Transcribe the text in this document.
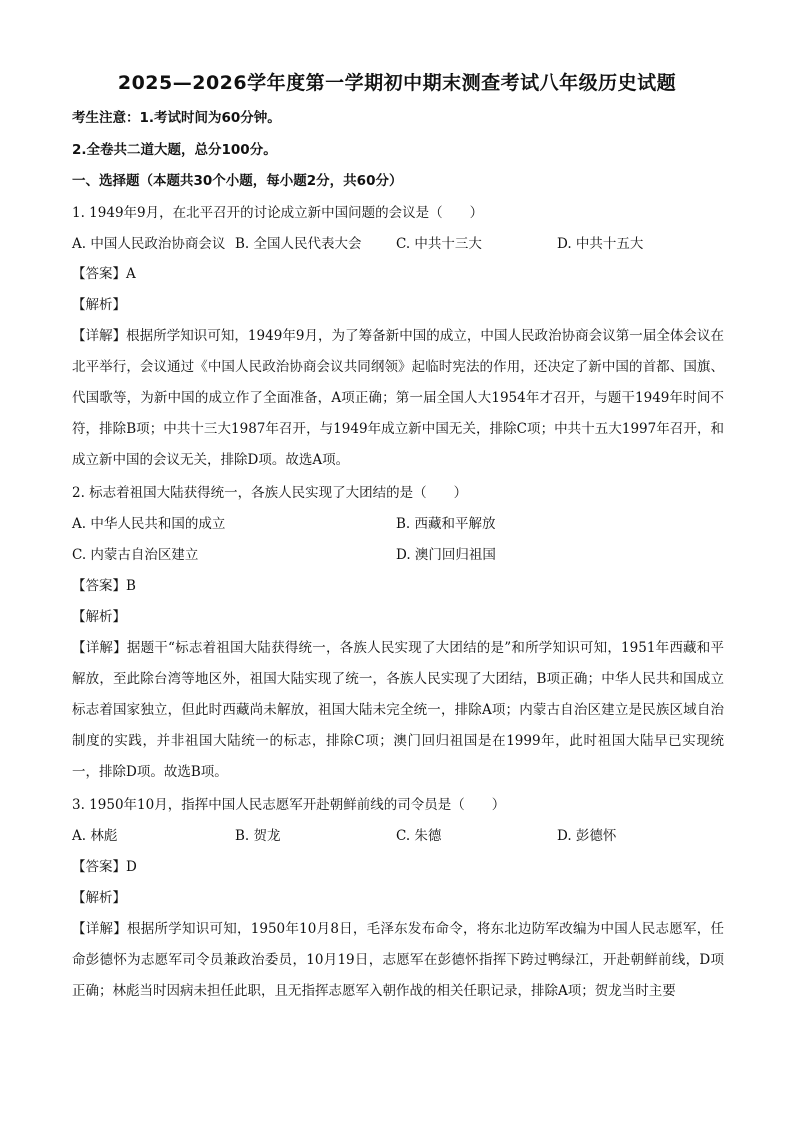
2025—2026学年度第一学期初中期末测查考试八年级历史试题
考生注意：1.考试时间为60分钟。
2.全卷共二道大题，总分100分。
一、选择题（本题共30个小题，每小题2分，共60分）
1. 1949年9月，在北平召开的讨论成立新中国问题的会议是（　　）
A. 中国人民政治协商会议 B. 全国人民代表大会	C. 中共十三大	D. 中共十五大
【答案】A
【解析】
【详解】根据所学知识可知，1949年9月，为了筹备新中国的成立，中国人民政治协商会议第一届全体会议在北平举行，会议通过《中国人民政治协商会议共同纲领》起临时宪法的作用，还决定了新中国的首都、国旗、代国歌等，为新中国的成立作了全面准备，A项正确；第一届全国人大1954年才召开，与题干1949年时间不符，排除B项；中共十三大1987年召开，与1949年成立新中国无关，排除C项；中共十五大1997年召开，和成立新中国的会议无关，排除D项。故选A项。
2. 标志着祖国大陆获得统一，各族人民实现了大团结的是（　　）
A. 中华人民共和国的成立	B. 西藏和平解放
C. 内蒙古自治区建立	D. 澳门回归祖国
【答案】B
【解析】
【详解】据题干“标志着祖国大陆获得统一，各族人民实现了大团结的是”和所学知识可知，1951年西藏和平解放，至此除台湾等地区外，祖国大陆实现了统一，各族人民实现了大团结，B项正确；中华人民共和国成立标志着国家独立，但此时西藏尚未解放，祖国大陆未完全统一，排除A项；内蒙古自治区建立是民族区域自治制度的实践，并非祖国大陆统一的标志，排除C项；澳门回归祖国是在1999年，此时祖国大陆早已实现统一，排除D项。故选B项。
3. 1950年10月，指挥中国人民志愿军开赴朝鲜前线的司令员是（　　）
A. 林彪	B. 贺龙	C. 朱德	D. 彭德怀
【答案】D
【解析】
【详解】根据所学知识可知，1950年10月8日，毛泽东发布命令，将东北边防军改编为中国人民志愿军，任命彭德怀为志愿军司令员兼政治委员，10月19日，志愿军在彭德怀指挥下跨过鸭绿江，开赴朝鲜前线，D项正确；林彪当时因病未担任此职，且无指挥志愿军入朝作战的相关任职记录，排除A项；贺龙当时主要
